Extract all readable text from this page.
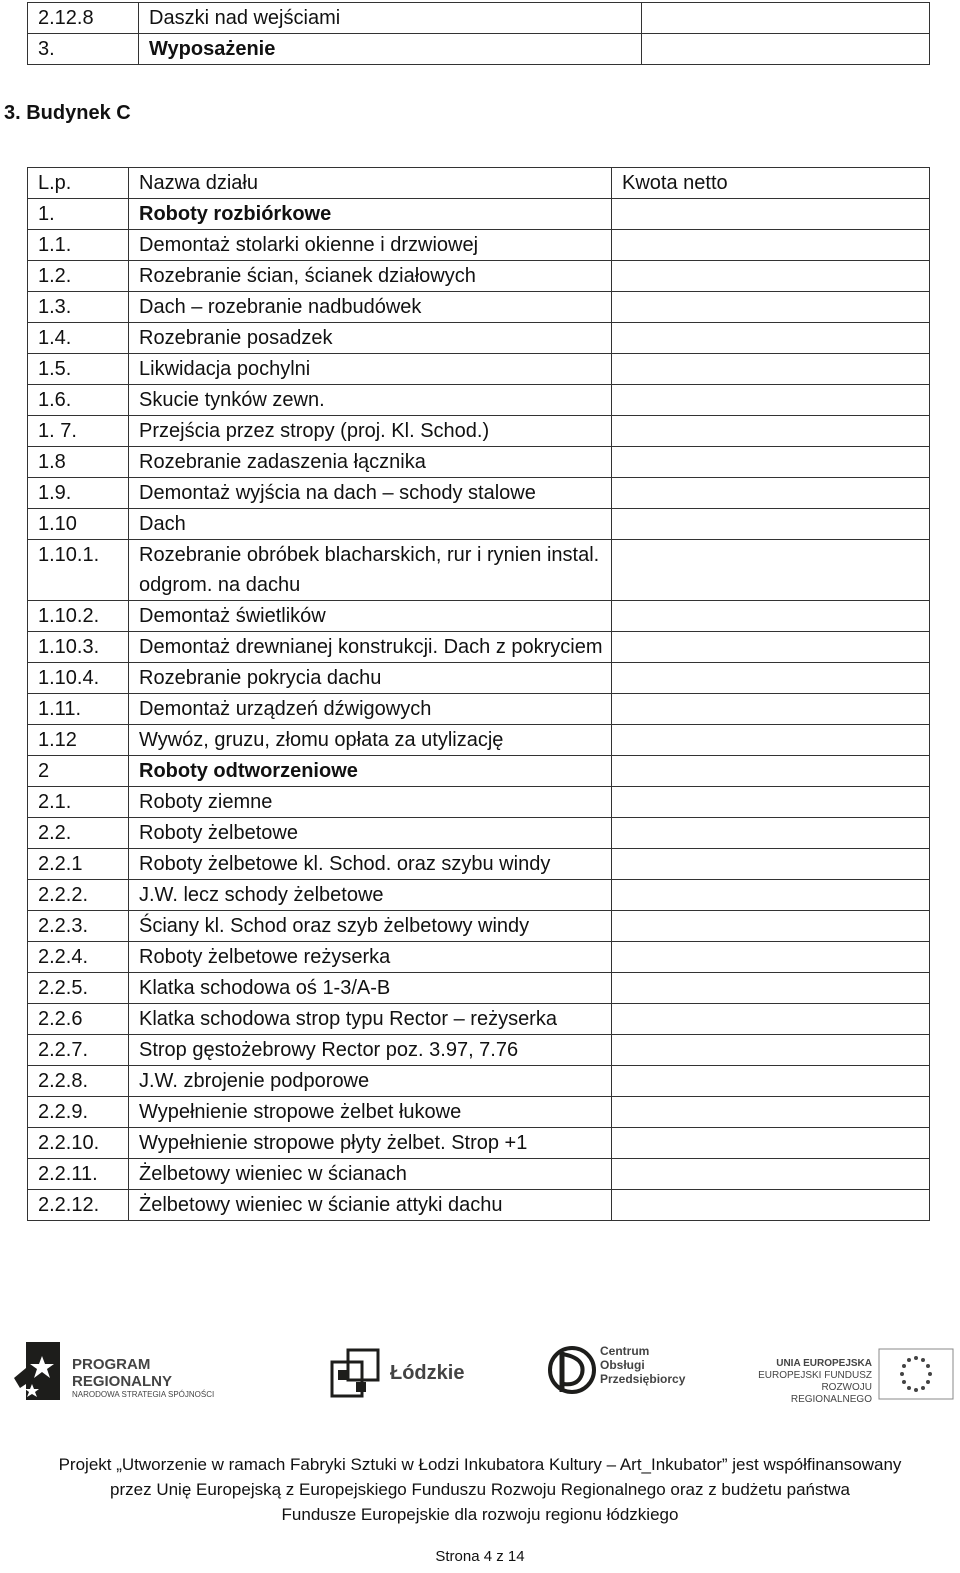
2.12.8	Daszki nad wejściami	
3.	Wyposażenie	
3. Budynek C
L.p.	Nazwa działu	Kwota netto
1.	Roboty rozbiórkowe	
1.1.	Demontaż stolarki okienne i drzwiowej	
1.2.	Rozebranie ścian, ścianek działowych	
1.3.	Dach – rozebranie nadbudówek	
1.4.	Rozebranie posadzek	
1.5.	Likwidacja pochylni	
1.6.	Skucie tynków zewn.	
1. 7.	Przejścia przez stropy (proj. Kl. Schod.)	
1.8	Rozebranie zadaszenia łącznika	
1.9.	Demontaż wyjścia na dach – schody stalowe	
1.10	Dach	
1.10.1.	Rozebranie obróbek blacharskich, rur i rynien instal. odgrom. na dachu	
1.10.2.	Demontaż świetlików	
1.10.3.	Demontaż drewnianej konstrukcji. Dach z pokryciem	
1.10.4.	Rozebranie pokrycia dachu	
1.11.	Demontaż urządzeń dźwigowych	
1.12	Wywóz, gruzu, złomu opłata za utylizację	
2	Roboty odtworzeniowe	
2.1.	Roboty ziemne	
2.2.	Roboty żelbetowe	
2.2.1	Roboty żelbetowe kl. Schod. oraz szybu windy	
2.2.2.	J.W. lecz schody żelbetowe	
2.2.3.	Ściany kl. Schod oraz szyb żelbetowy windy	
2.2.4.	Roboty żelbetowe reżyserka	
2.2.5.	Klatka schodowa oś 1-3/A-B	
2.2.6	Klatka schodowa strop typu Rector – reżyserka	
2.2.7.	Strop gęstożebrowy Rector poz. 3.97, 7.76	
2.2.8.	J.W. zbrojenie podporowe	
2.2.9.	Wypełnienie stropowe żelbet łukowe	
2.2.10.	Wypełnienie stropowe płyty żelbet. Strop +1	
2.2.11.	Żelbetowy wieniec w ścianach	
2.2.12.	Żelbetowy wieniec w ścianie attyki dachu	
PROGRAM
REGIONALNY
NARODOWA STRATEGIA SPÓJNOŚCI
Łódzkie
Centrum
Obsługi
Przedsiębiorcy
UNIA EUROPEJSKA
EUROPEJSKI FUNDUSZ
ROZWOJU REGIONALNEGO
Projekt „Utworzenie w ramach Fabryki Sztuki w Łodzi Inkubatora Kultury – Art_Inkubator” jest współfinansowany
przez Unię Europejską z Europejskiego Funduszu Rozwoju Regionalnego oraz z budżetu państwa
Fundusze Europejskie dla rozwoju regionu łódzkiego
Strona 4 z 14
